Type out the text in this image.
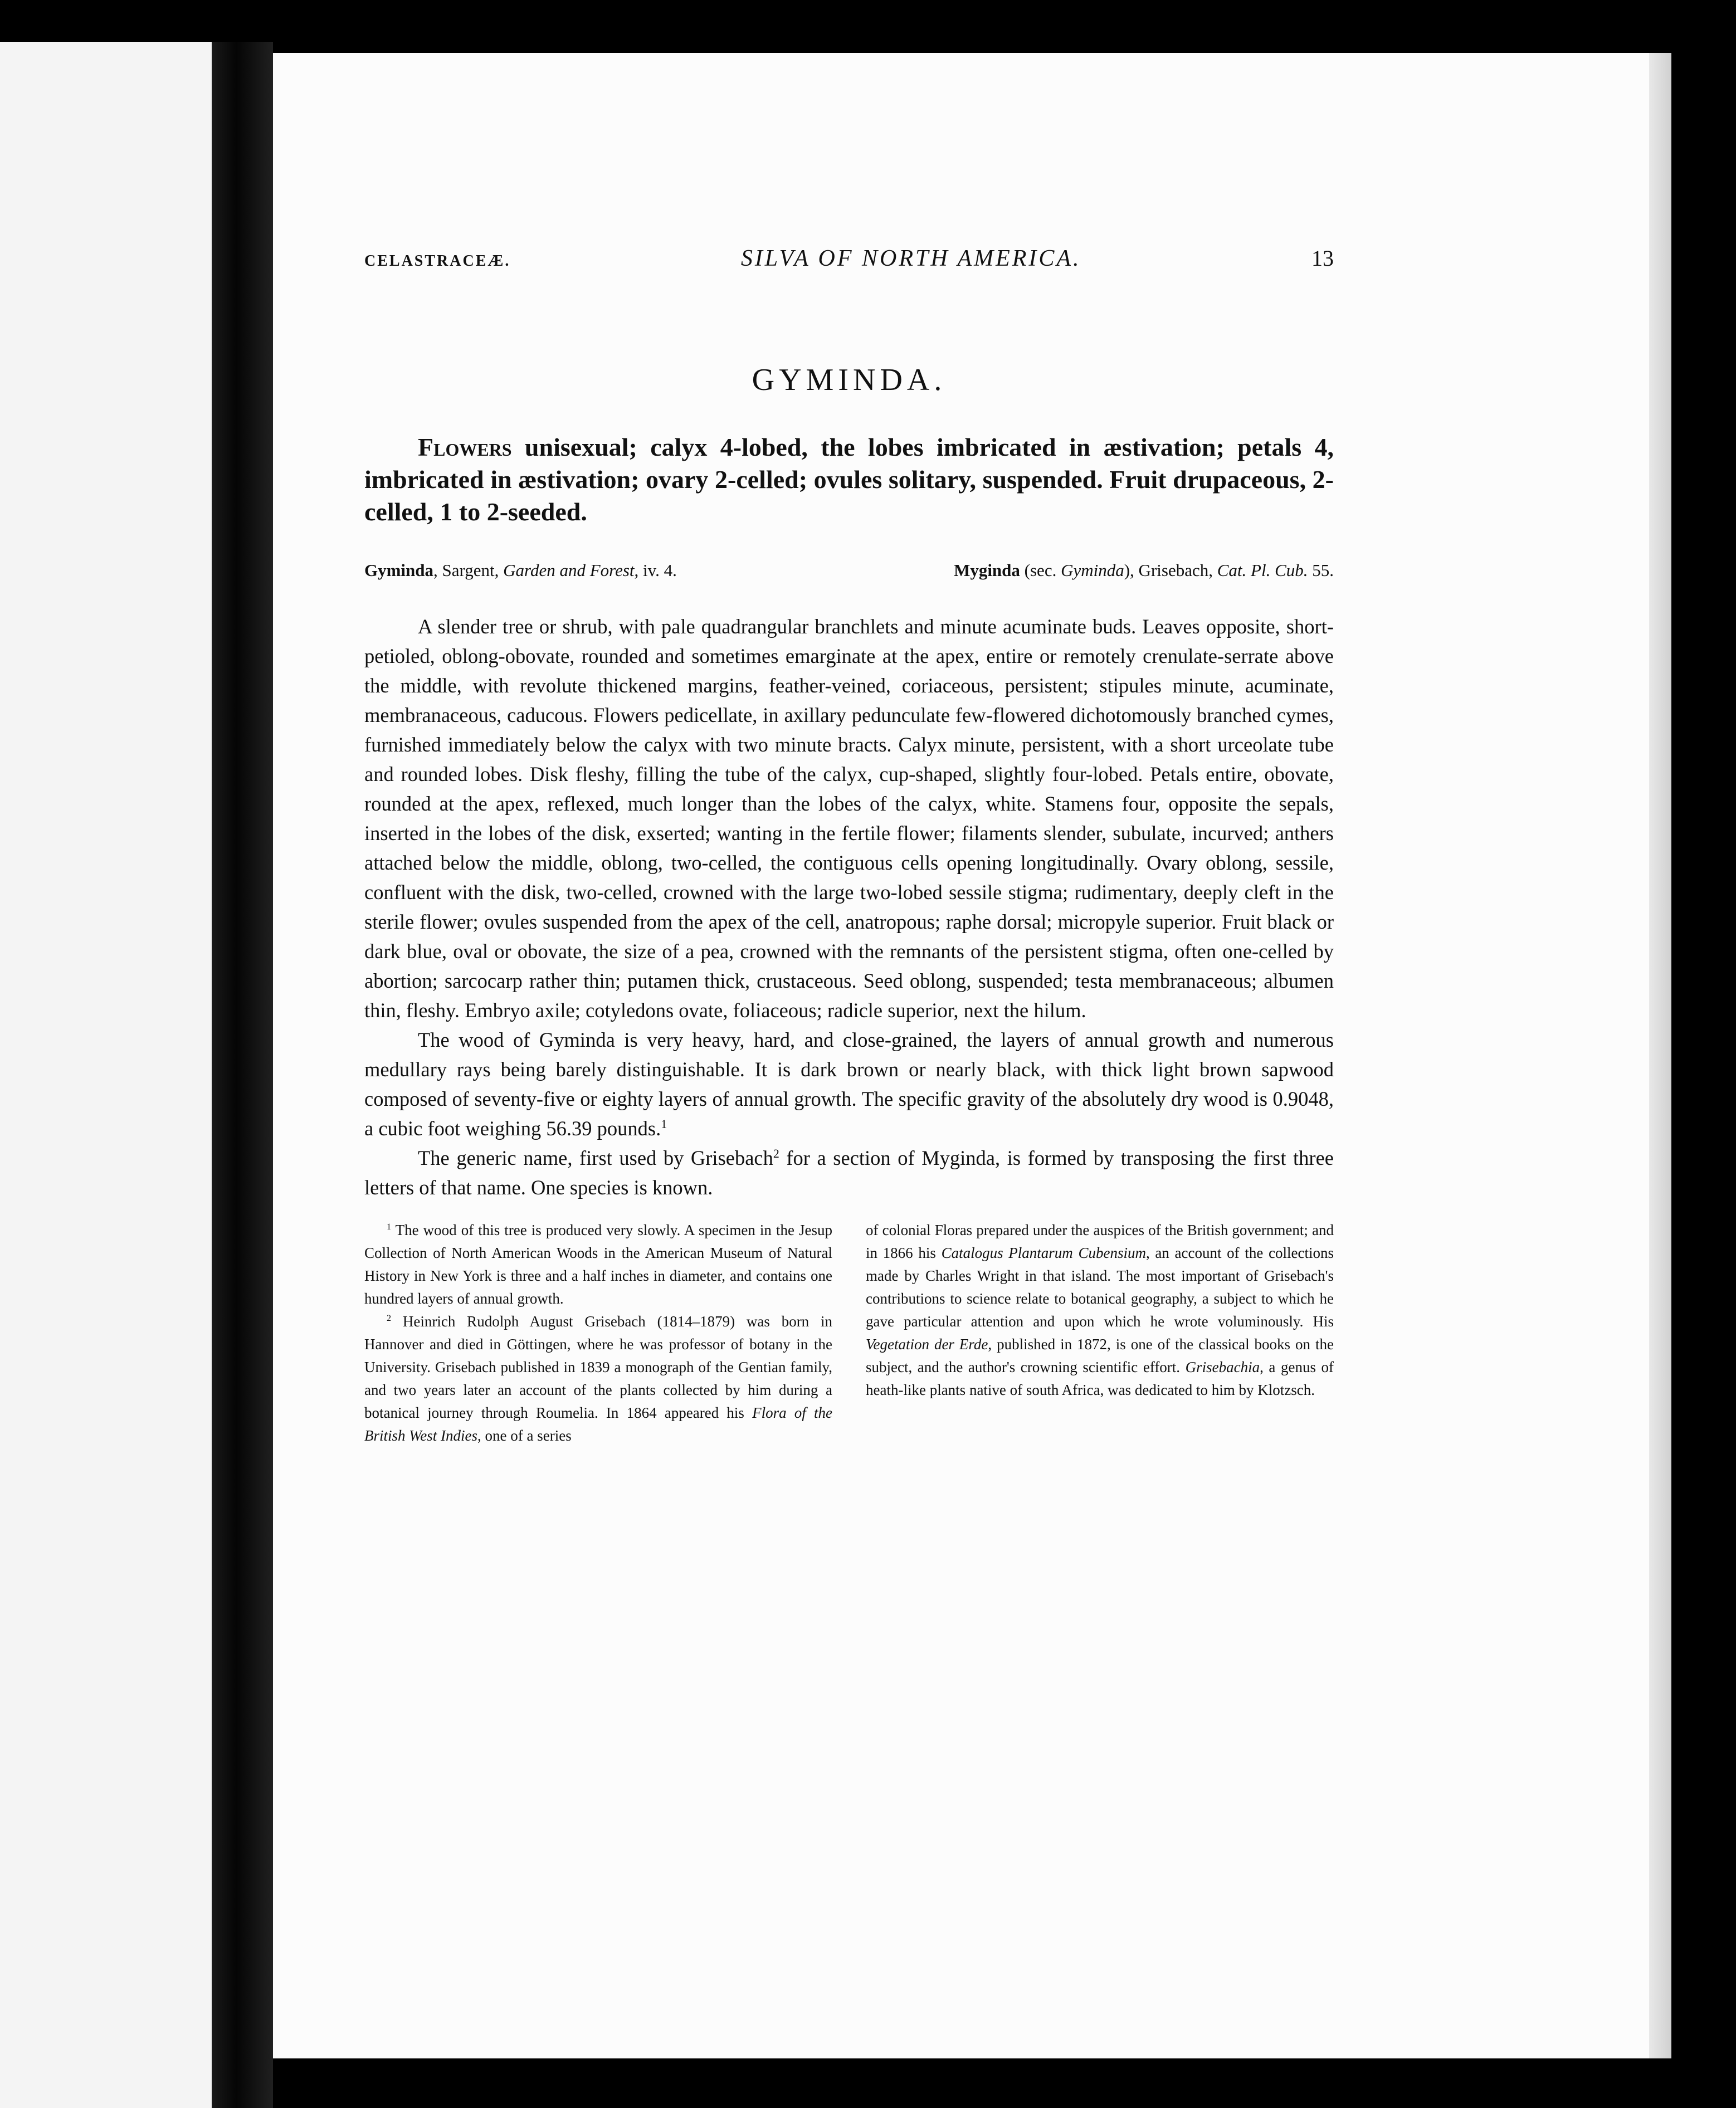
CELASTRACEÆ.	SILVA OF NORTH AMERICA.	13
GYMINDA.

Flowers unisexual; calyx 4-lobed, the lobes imbricated in æstivation; petals 4, imbricated in æstivation; ovary 2-celled; ovules solitary, suspended. Fruit drupaceous, 2-celled, 1 to 2-seeded.

Gyminda, Sargent, Garden and Forest, iv. 4.	Myginda (sec. Gyminda), Grisebach, Cat. Pl. Cub. 55.

A slender tree or shrub, with pale quadrangular branchlets and minute acuminate buds. Leaves opposite, short-petioled, oblong-obovate, rounded and sometimes emarginate at the apex, entire or remotely crenulate-serrate above the middle, with revolute thickened margins, feather-veined, coriaceous, persistent; stipules minute, acuminate, membranaceous, caducous. Flowers pedicellate, in axillary pedunculate few-flowered dichotomously branched cymes, furnished immediately below the calyx with two minute bracts. Calyx minute, persistent, with a short urceolate tube and rounded lobes. Disk fleshy, filling the tube of the calyx, cup-shaped, slightly four-lobed. Petals entire, obovate, rounded at the apex, reflexed, much longer than the lobes of the calyx, white. Stamens four, opposite the sepals, inserted in the lobes of the disk, exserted; wanting in the fertile flower; filaments slender, subulate, incurved; anthers attached below the middle, oblong, two-celled, the contiguous cells opening longitudinally. Ovary oblong, sessile, confluent with the disk, two-celled, crowned with the large two-lobed sessile stigma; rudimentary, deeply cleft in the sterile flower; ovules suspended from the apex of the cell, anatropous; raphe dorsal; micropyle superior. Fruit black or dark blue, oval or obovate, the size of a pea, crowned with the remnants of the persistent stigma, often one-celled by abortion; sarcocarp rather thin; putamen thick, crustaceous. Seed oblong, suspended; testa membranaceous; albumen thin, fleshy. Embryo axile; cotyledons ovate, foliaceous; radicle superior, next the hilum.

The wood of Gyminda is very heavy, hard, and close-grained, the layers of annual growth and numerous medullary rays being barely distinguishable. It is dark brown or nearly black, with thick light brown sapwood composed of seventy-five or eighty layers of annual growth. The specific gravity of the absolutely dry wood is 0.9048, a cubic foot weighing 56.39 pounds.$^1$

The generic name, first used by Grisebach$^2$ for a section of Myginda, is formed by transposing the first three letters of that name. One species is known.

$^1$ The wood of this tree is produced very slowly. A specimen in the Jesup Collection of North American Woods in the American Museum of Natural History in New York is three and a half inches in diameter, and contains one hundred layers of annual growth.

$^2$ Heinrich Rudolph August Grisebach (1814–1879) was born in Hannover and died in Göttingen, where he was professor of botany in the University. Grisebach published in 1839 a monograph of the Gentian family, and two years later an account of the plants collected by him during a botanical journey through Roumelia. In 1864 appeared his Flora of the British West Indies, one of a series

of colonial Floras prepared under the auspices of the British government; and in 1866 his Catalogus Plantarum Cubensium, an account of the collections made by Charles Wright in that island. The most important of Grisebach's contributions to science relate to botanical geography, a subject to which he gave particular attention and upon which he wrote voluminously. His Vegetation der Erde, published in 1872, is one of the classical books on the subject, and the author's crowning scientific effort. Grisebachia, a genus of heath-like plants native of south Africa, was dedicated to him by Klotzsch.
